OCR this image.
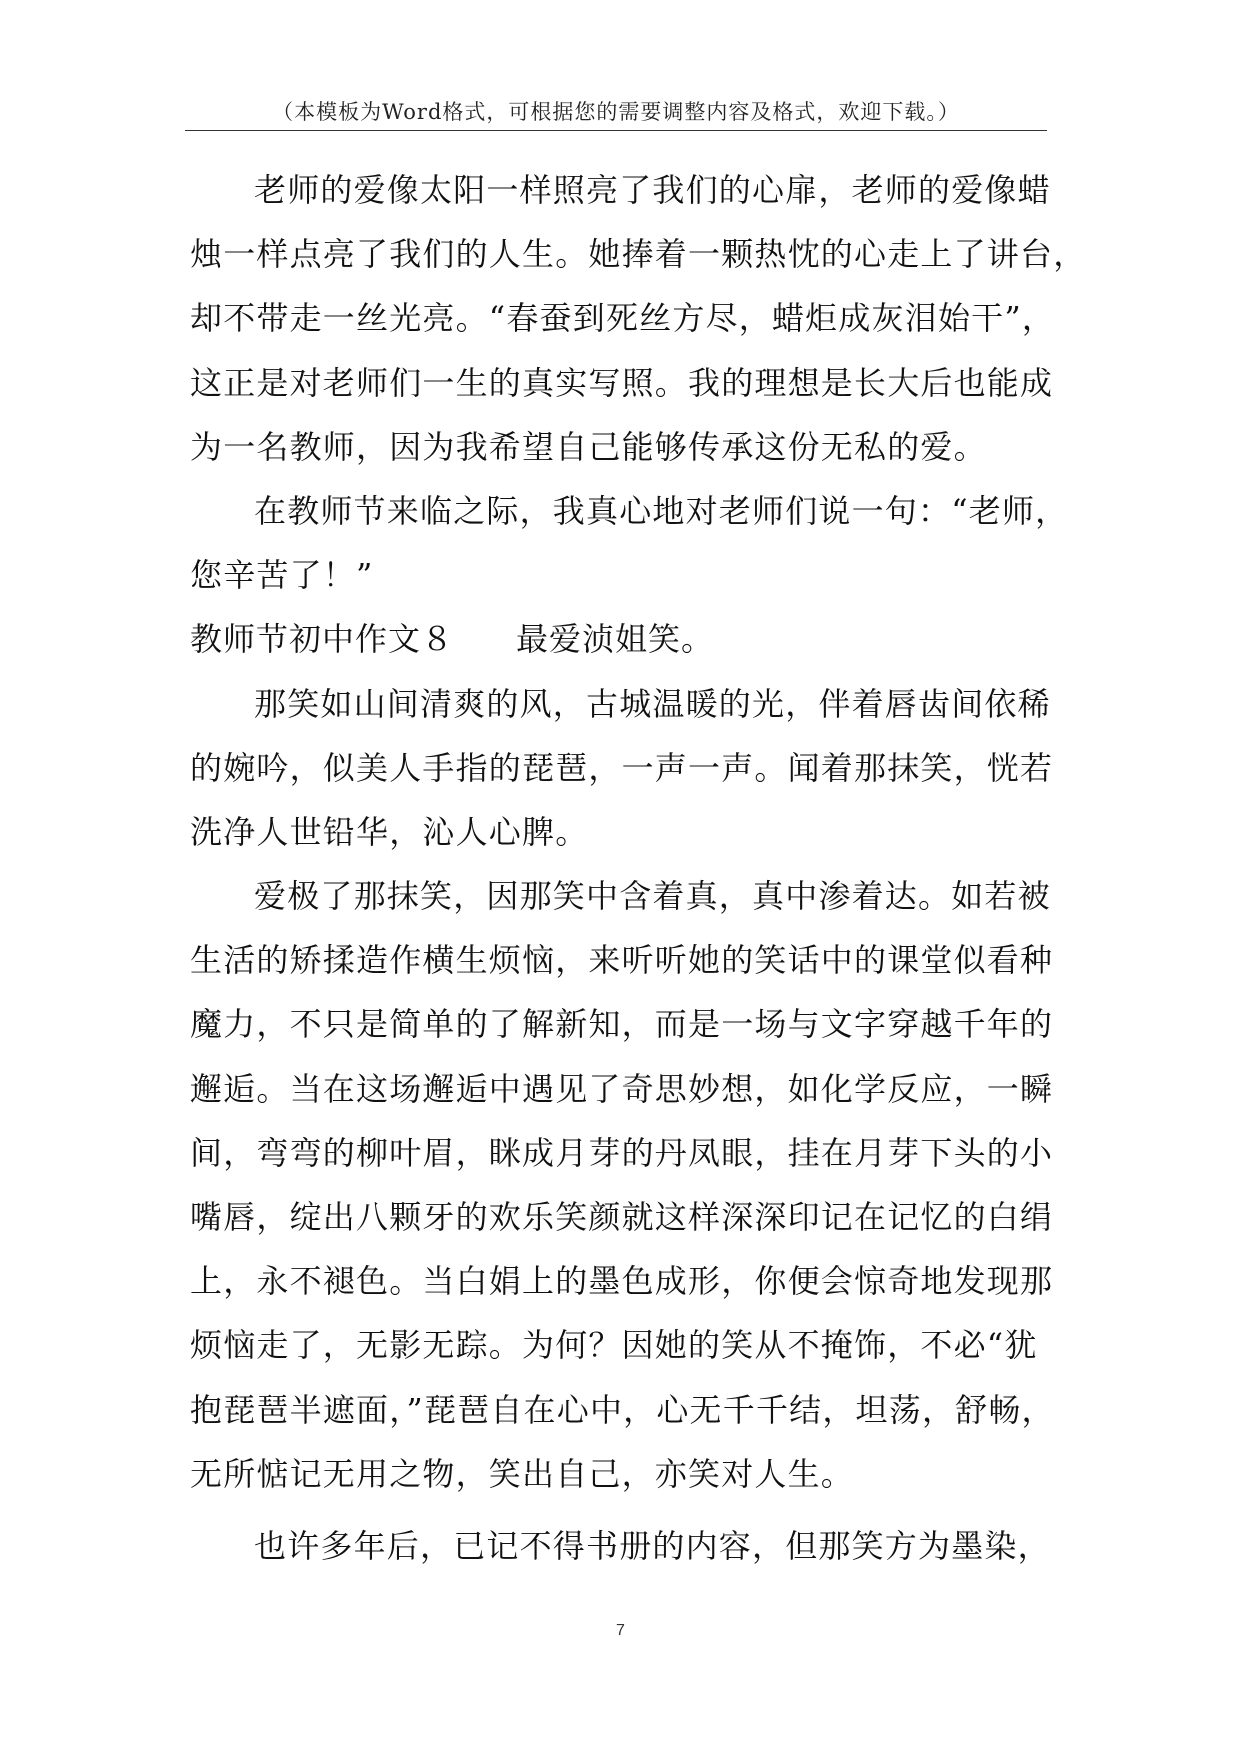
（本模板为Word格式，可根据您的需要调整内容及格式，欢迎下载。）
老师的爱像太阳一样照亮了我们的心扉，老师的爱像蜡
烛一样点亮了我们的人生。她捧着一颗热忱的心走上了讲台，
却不带走一丝光亮。“春蚕到死丝方尽，蜡炬成灰泪始干”，
这正是对老师们一生的真实写照。我的理想是长大后也能成
为一名教师，因为我希望自己能够传承这份无私的爱。
在教师节来临之际，我真心地对老师们说一句：“老师，
您辛苦了！”
教师节初中作文８ 最爱浈姐笑。
那笑如山间清爽的风，古城温暖的光，伴着唇齿间依稀
的婉吟，似美人手指的琵琶，一声一声。闻着那抹笑，恍若
洗净人世铅华，沁人心脾。
爱极了那抹笑，因那笑中含着真，真中渗着达。如若被
生活的矫揉造作横生烦恼，来听听她的笑话中的课堂似看种
魔力，不只是简单的了解新知，而是一场与文字穿越千年的
邂逅。当在这场邂逅中遇见了奇思妙想，如化学反应，一瞬
间，弯弯的柳叶眉，眯成月芽的丹凤眼，挂在月芽下头的小
嘴唇，绽出八颗牙的欢乐笑颜就这样深深印记在记忆的白绢
上，永不褪色。当白娟上的墨色成形，你便会惊奇地发现那
烦恼走了，无影无踪。为何？因她的笑从不掩饰，不必“犹
抱琵琶半遮面，”琵琶自在心中，心无千千结，坦荡，舒畅，
无所惦记无用之物，笑出自己，亦笑对人生。
也许多年后，已记不得书册的内容，但那笑方为墨染，
7
